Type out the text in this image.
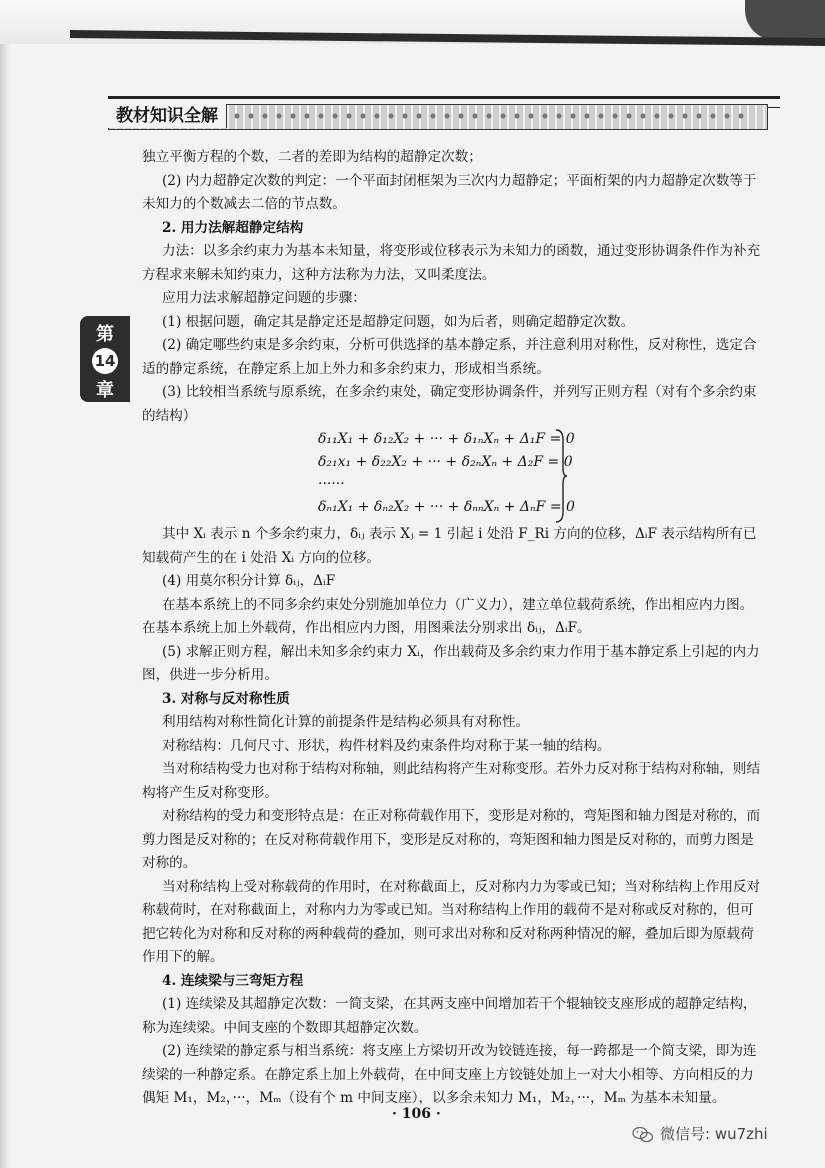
教材知识全解
第
14
章

独立平衡方程的个数，二者的差即为结构的超静定次数；

(2) 内力超静定次数的判定：一个平面封闭框架为三次内力超静定；平面桁架的内力超静定次数等于未知力的个数减去二倍的节点数。

2. 用力法解超静定结构

力法：以多余约束力为基本未知量，将变形或位移表示为未知力的函数，通过变形协调条件作为补充方程求来解未知约束力，这种方法称为力法，又叫柔度法。

应用力法求解超静定问题的步骤：

(1) 根据问题，确定其是静定还是超静定问题，如为后者，则确定超静定次数。

(2) 确定哪些约束是多余约束，分析可供选择的基本静定系，并注意利用对称性，反对称性，选定合适的静定系统，在静定系上加上外力和多余约束力，形成相当系统。

(3) 比较相当系统与原系统，在多余约束处，确定变形协调条件，并列写正则方程（对有个多余约束的结构）

δ₁₁X₁ + δ₁₂X₂ + ··· + δ₁ₙXₙ + Δ₁F = 0
δ₂₁x₁ + δ₂₂X₂ + ··· + δ₂ₙXₙ + Δ₂F = 0
······
δₙ₁X₁ + δₙ₂X₂ + ··· + δₙₙXₙ + ΔₙF = 0

其中 Xᵢ 表示 n 个多余约束力，δᵢⱼ 表示 Xⱼ = 1 引起 i 处沿 F_Ri 方向的位移，ΔᵢF 表示结构所有已知载荷产生的在 i 处沿 Xᵢ 方向的位移。

(4) 用莫尔积分计算 δᵢⱼ，ΔᵢF

在基本系统上的不同多余约束处分别施加单位力（广义力），建立单位载荷系统，作出相应内力图。在基本系统上加上外载荷，作出相应内力图，用图乘法分别求出 δᵢⱼ，ΔᵢF。

(5) 求解正则方程，解出未知多余约束力 Xᵢ，作出载荷及多余约束力作用于基本静定系上引起的内力图，供进一步分析用。

3. 对称与反对称性质

利用结构对称性简化计算的前提条件是结构必须具有对称性。

对称结构：几何尺寸、形状，构件材料及约束条件均对称于某一轴的结构。

当对称结构受力也对称于结构对称轴，则此结构将产生对称变形。若外力反对称于结构对称轴，则结构将产生反对称变形。

对称结构的受力和变形特点是：在正对称荷载作用下，变形是对称的，弯矩图和轴力图是对称的，而剪力图是反对称的；在反对称荷载作用下，变形是反对称的，弯矩图和轴力图是反对称的，而剪力图是对称的。

当对称结构上受对称载荷的作用时，在对称截面上，反对称内力为零或已知；当对称结构上作用反对称载荷时，在对称截面上，对称内力为零或已知。当对称结构上作用的载荷不是对称或反对称的，但可把它转化为对称和反对称的两种载荷的叠加，则可求出对称和反对称两种情况的解，叠加后即为原载荷作用下的解。

4. 连续梁与三弯矩方程

(1) 连续梁及其超静定次数：一简支梁，在其两支座中间增加若干个辊轴铰支座形成的超静定结构，称为连续梁。中间支座的个数即其超静定次数。

(2) 连续梁的静定系与相当系统：将支座上方梁切开改为铰链连接，每一跨都是一个简支梁，即为连续梁的一种静定系。在静定系上加上外载荷，在中间支座上方铰链处加上一对大小相等、方向相反的力偶矩 M₁，M₂，···，Mₘ（设有个 m 中间支座），以多余未知力 M₁，M₂，···，Mₘ 为基本未知量。

· 106 ·
微信号: wu7zhi
